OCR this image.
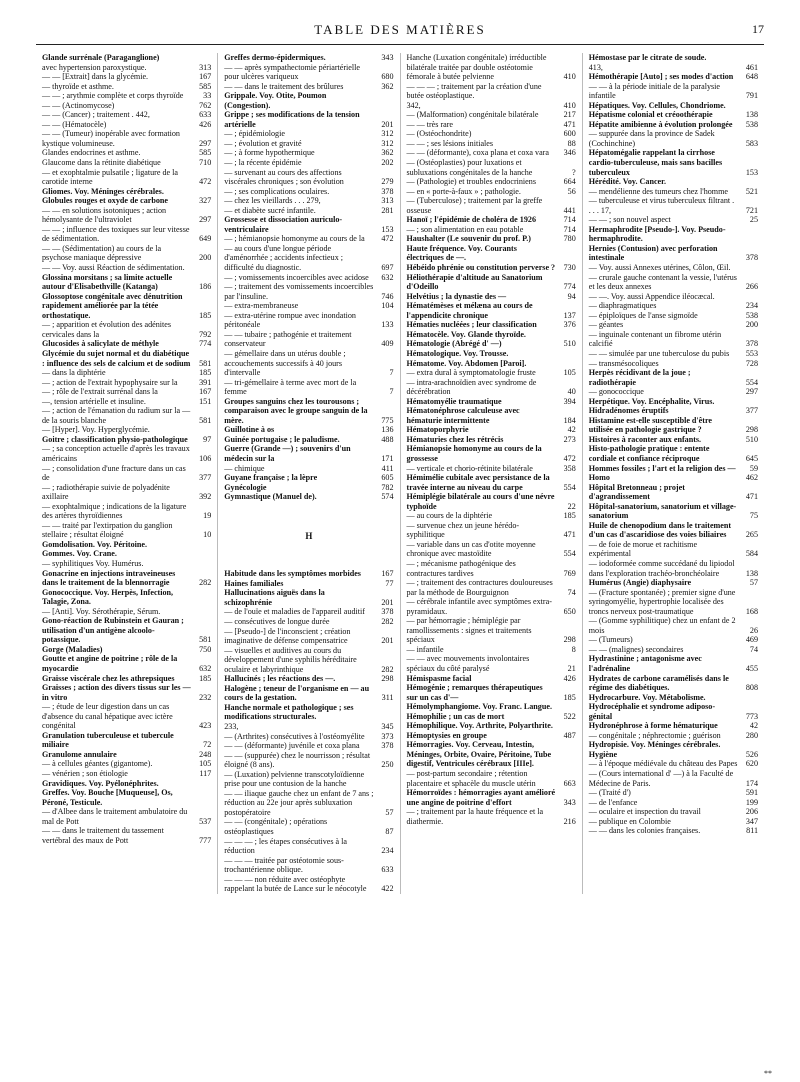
TABLE DES MATIÈRES	17
Glande surrénale (Paraganglione)
avec hypertension paroxystique.	313
— — [Extrait] dans la glycémie.	167
— thyroïde et asthme.	585
— — ; arythmie complète et corps thyroïde	33
— — (Actinomycose)	762
— — (Cancer) ; traitement . 442,	633
— — (Hématocèle)	426
— — (Tumeur) inopérable avec formation kystique volumineuse.	297
Glandes endocrines et asthme.	585
Glaucome dans la rétinite diabétique	710
— et exophtalmie pulsatile ; ligature de la carotide interne	472
Gliomes. Voy. Méninges cérébrales.
Globules rouges et oxyde de carbone	327
— — en solutions isotoniques ; action hémolysante de l'ultraviolet	297
— — ; influence des toxiques sur leur vitesse de sédimentation.	649
— — (Sédimentation) au cours de la psychose maniaque dépressive	200
— — Voy. aussi Réaction de sédimentation.
Glossina morsitans ; sa limite actuelle autour d'Elisabethville (Katanga)	186
Glossoptose congénitale avec dénutrition rapidement améliorée par la tétée orthostatique.	185
— ; apparition et évolution des adénites cervicales dans la	792
Glucosides à salicylate de méthyle	774
Glycémie du sujet normal et du diabétique : influence des sels de calcium et de sodium	581
— dans la diphtérie	185
— ; action de l'extrait hypophysaire sur la	391
— ; rôle de l'extrait surrénal dans la	167
—, tension artérielle et insuline.	151
— ; action de l'émanation du radium sur la — de la souris blanche	581
— [Hyper]. Voy. Hyperglycémie.
Goitre ; classification physio-pathologique	97
— ; sa conception actuelle d'après les travaux américains	106
— ; consolidation d'une fracture dans un cas de	377
— ; radiothérapie suivie de polyadénite axillaire	392
— exophtalmique ; indications de la ligature des artères thyroïdiennes	19
— — traité par l'extirpation du ganglion stellaire ; résultat éloigné	10
Gomdolisation. Voy. Péritoine.
Gommes. Voy. Crane.
— syphilitiques Voy. Humérus.
Gonacrine en injections intraveineuses dans le traitement de la blennorragie	282
Gonococcique. Voy. Herpès, Infection, Talagie, Zona.
— [Anti]. Voy. Sérothérapie, Sérum.
Gono-réaction de Rubinstein et Gauran ; utilisation d'un antigène alcoolo-potassique.	581
Gorge (Maladies)	750
Goutte et angine de poitrine ; rôle de la myocardie	632
Graisse viscérale chez les athrepsiques	185
Graisses ; action des divers tissus sur les — in vitro	232
— ; étude de leur digestion dans un cas d'absence du canal hépatique avec ictère congénital	423
Granulation tuberculeuse et tubercule miliaire	72
Granulome annulaire	248
— à cellules géantes (gigantome).	105
— vénérien ; son étiologie	117
Gravidiques. Voy. Pyélonéphrites.
Greffes. Voy. Bouche [Muqueuse], Os, Péroné, Testicule.
— d'Albee dans le traitement ambulatoire du mal de Pott	537
— — dans le traitement du tassement vertébral des maux de Pott	777
Greffes dermo-épidermiques.	343
— — après sympathectomie périartérielle pour ulcères variqueux	680
— — dans le traitement des brûlures	362
Grippale. Voy. Otite, Poumon (Congestion).
Grippe ; ses modifications de la tension artérielle	201
— ; épidémiologie	312
— ; évolution et gravité	312
— ; à forme hypothermique	362
— ; la récente épidémie	202
— survenant au cours des affections viscérales chroniques ; son évolution	279
— ; ses complications oculaires.	378
— chez les vieillards . . . 279,	313
— et diabète sucré infantile.	281
Grossesse et dissociation auriculo-ventriculaire	153
— ; hémianopsie homonyme au cours de la	472
— au cours d'une longue période d'aménorrhée ; accidents infectieux ; difficulté du diagnostic.	697
— ; vomissements incoercibles avec acidose	632
— ; traitement des vomissements incoercibles par l'insuline.	746
— extra-membraneuse	104
— extra-utérine rompue avec inondation péritonéale	133
— — tubaire ; pathogénie et traitement conservateur	409
— gémellaire dans un utérus double ; accouchements successifs à 40 jours d'intervalle	7
— tri-gémellaire à terme avec mort de la femme	7
Groupes sanguins chez les tourousons ; comparaison avec le groupe sanguin de la mère.	775
Guillotine à os	136
Guinée portugaise ; le paludisme.	488
Guerre (Grande —) ; souvenirs d'un médecin sur la	171
— chimique	411
Guyane française ; la lèpre	605
Gynécologie	782
Gymnastique (Manuel de).	574
H
Habitude dans les symptômes morbides	167
Haines familiales	77
Hallucinations aiguës dans la schizophrénie	201
— de l'ouïe et maladies de l'appareil auditif	378
— consécutives de longue durée	282
— [Pseudo-] de l'inconscient ; création imaginative de défense compensatrice	201
— visuelles et auditives au cours du développement d'une syphilis héréditaire oculaire et labyrinthique	282
Hallucinés ; les réactions des —.	298
Halogène ; teneur de l'organisme en — au cours de la gestation.	311
Hanche normale et pathologique ; ses modifications structurales.
233,	345
— (Arthrites) consécutives à l'ostéomyélite	373
— — (déformante) juvénile et coxa plana	378
— — (suppurée) chez le nourrisson ; résultat éloigné (8 ans).	250
— (Luxation) pelvienne transcotyloïdienne prise pour une contusion de la hanche
— — iliaque gauche chez un enfant de 7 ans ; réduction au 22e jour après subluxation postopératoire	57
— — (congénitale) ; opérations ostéoplastiques	87
— — — ; les étapes consécutives à la réduction	234
— — — traitée par ostéotomie sous-trochantérienne oblique.	633
— — — non réduite avec ostéophyte rappelant la butée de Lance sur le néocotyle	422
Hanche (Luxation congénitale) irréductible bilatérale traitée par double ostéotomie fémorale à butée pelvienne	410
— — — ; traitement par la création d'une butée ostéoplastique.
342,	410
— (Malformation) congénitale bilatérale	217
— — très rare	471
— (Ostéochondrite)	600
— — ; ses lésions initiales	88
— — (déformante), coxa plana et coxa vara	346
— (Ostéoplasties) pour luxations et subluxations congénitales de la hanche	?
— (Pathologie) et troubles endocriniens	664
— en « porte-à-faux » ; pathologie.	56
— (Tuberculose) ; traitement par la greffe osseuse	441
Hanoï ; l'épidémie de choléra de 1926	714
— ; son alimentation en eau potable	714
Haushalter (Le souvenir du prof. P.)	780
Haute fréquence. Voy. Courants électriques de —.
Hébéido phrénie ou constitution perverse ?	730
Héliothérapie d'altitude au Sanatorium d'Odeillo	774
Helvétius ; la dynastie des —	94
Hématémèses et mélæna au cours de l'appendicite chronique	137
Hématies nucléées ; leur classification	376
Hématocèle. Voy. Glande thyroïde.
Hématologie (Abrégé d' —)	510
Hématologique. Voy. Trousse.
Hématome. Voy. Abdomen [Paroi].
— extra dural à symptomatologie fruste	105
— intra-arachnoïdien avec syndrome de décérébration	40
Hématomyélie traumatique	394
Hématonéphrose calculeuse avec hématurie intermittente	184
Hématoporphyrie	42
Hématuries chez les rétrécis	273
Hémianopsie homonyme au cours de la grossesse	472
— verticale et chorio-rétinite bilatérale	358
Hémimélie cubitale avec persistance de la travée interne au niveau du carpe	554
Hémiplégie bilatérale au cours d'une névre typhoïde	22
— au cours de la diphtérie	185
— survenue chez un jeune hérédo-syphilitique	471
— variable dans un cas d'otite moyenne chronique avec mastoïdite	554
— ; mécanisme pathogénique des contractures tardives	769
— ; traitement des contractures douloureuses par la méthode de Bourguignon	74
— cérébrale infantile avec symptômes extra-pyramidaux.	650
— par hémorragie ; hémiplégie par ramollissements : signes et traitements spéciaux	298
— infantile	8
— — avec mouvements involontaires spéciaux du côté paralysé	21
Hémispasme facial	426
Hémogénie ; remarques thérapeutiques sur un cas d'—	185
Hémolymphangiome. Voy. Franc. Langue.
Hémophilie ; un cas de mort	522
Hémophilique. Voy. Arthrite, Polyarthrite.
Hémoptysies en groupe	487
Hémorragies. Voy. Cerveau, Intestin, Méninges, Orbite, Ovaire, Péritoine, Tube digestif, Ventricules cérébraux [IIIe].
— post-partum secondaire ; rétention placentaire et sphacèle du muscle utérin	663
Hémorroïdes : hémorragies ayant amélioré une angine de poitrine d'effort	343
— ; traitement par la haute fréquence et la diathermie.	216
Hémostase par le citrate de soude.
413,	461
Hémothérapie [Auto] ; ses modes d'action	648
— — à la période initiale de la paralysie infantile	791
Hépatiques. Voy. Cellules, Chondriome.
Hépatisme colonial et créoothérapie	138
Hépatite amibienne à évolution prolongée	538
— suppurée dans la province de Sadek (Cochinchine)	583
Hépatomégalie rappelant la cirrhose cardio-tuberculeuse, mais sans bacilles tuberculeux	153
Hérédité. Voy. Cancer.
— mendélienne des tumeurs chez l'homme	521
— tuberculeuse et virus tuberculeux filtrant . . . . 17,	721
— — ; son nouvel aspect	25
Hermaphrodite [Pseudo-]. Voy. Pseudo-hermaphrodite.
Hernies (Contusion) avec perforation intestinale	378
— Voy. aussi Annexes utérines, Côlon, Œil.
— crurale gauche contenant la vessie, l'utérus et les deux annexes	266
— —. Voy. aussi Appendice iléocæcal.
— diaphragmatiques	234
— épiploïques de l'anse sigmoïde	538
— géantes	200
— inguinale contenant un fibrome utérin calcifié	378
— — simulée par une tuberculose du pubis	553
— transmésocoliques	728
Herpès récidivant de la joue ; radiothérapie	554
— gonococcique	297
Herpétique. Voy. Encéphalite, Virus.
Hidradénomes éruptifs	377
Histamine est-elle susceptible d'être utilisée en pathologie gastrique ?	298
Histoires à raconter aux enfants.	510
Histo-pathologie pratique : entente cordiale et confiance réciproque	645
Hommes fossiles ; l'art et la religion des —	59
Homo	462
Hôpital Bretonneau ; projet d'agrandissement	471
Hôpital-sanatorium, sanatorium et village-sanatorium	75
Huile de chenopodium dans le traitement d'un cas d'ascaridiose des voies biliaires	265
— de foie de morue et rachitisme expérimental	584
— iodoformée comme succédané du lipiodol dans l'exploration trachéo-bronchéolaire	138
Humérus (Angie) diaphysaire	57
— (Fracture spontanée) ; premier signe d'une syringomyélie, hypertrophie localisée des troncs nerveux post-traumatique	168
— (Gomme syphilitique) chez un enfant de 2 mois	26
— (Tumeurs)	469
— — (malignes) secondaires	74
Hydrastinine ; antagonisme avec l'adrénaline	455
Hydrates de carbone caramélisés dans le régime des diabétiques.	808
Hydrocarbure. Voy. Métabolisme.
Hydrocéphalie et syndrome adiposo-génital	773
Hydronéphrose à forme hématurique	42
— congénitale ; néphrectomie ; guérison	280
Hydropisie. Voy. Méninges cérébrales.
Hygiène	526
— à l'époque médiévale du château des Papes	620
— (Cours international d' —) à la Faculté de Médecine de Paris.	174
— (Traité d')	591
— de l'enfance	199
— oculaire et inspection du travail	206
— publique en Colombie	347
— — dans les colonies françaises.	811
**
